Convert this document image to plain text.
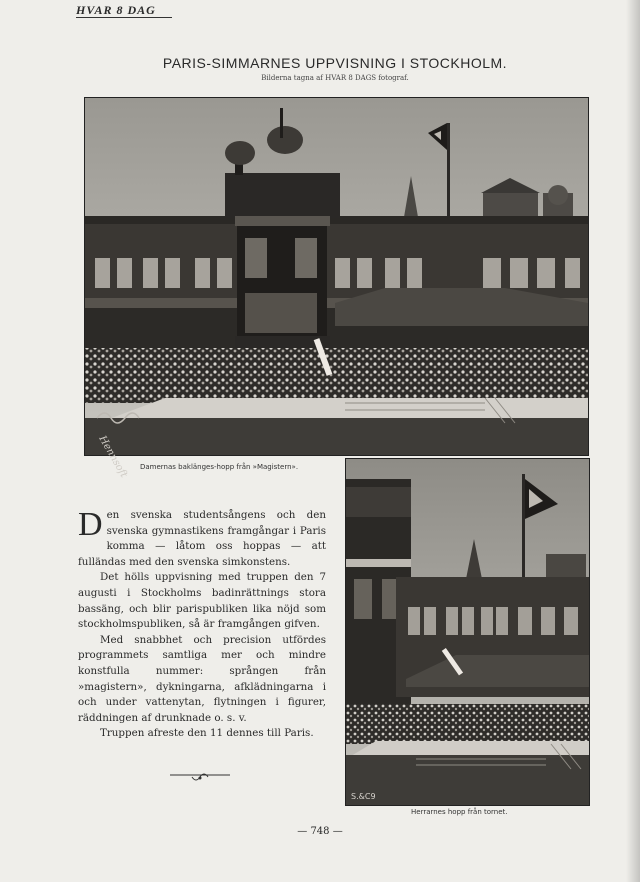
HVAR 8 DAG
PARIS-SIMMARNES UPPVISNING I STOCKHOLM.
Bilderna tagna af HVAR 8 DAGS fotograf.
Hennsoft Damernas baklänges-hopp från »Magistern».

Den svenska studentsångens och den svenska gymnastikens framgångar i Paris komma — låtom oss hoppas — att fulländas med den svenska simkonstens.

Det hölls uppvisning med truppen den 7 augusti i Stockholms badinrättnings stora bassäng, och blir parispubliken lika nöjd som stockholmspubliken, så är framgången gifven.

Med snabbhet och precision utfördes programmets samtliga mer och mindre konstfulla nummer: sprången från »magistern», dykningarna, afklädningarna i och under vattenytan, flytningen i figurer, räddningen af drunknade o. s. v.

Truppen afreste den 11 dennes till Paris.

S.&C9
Herrarnes hopp från tornet.
— 748 —
